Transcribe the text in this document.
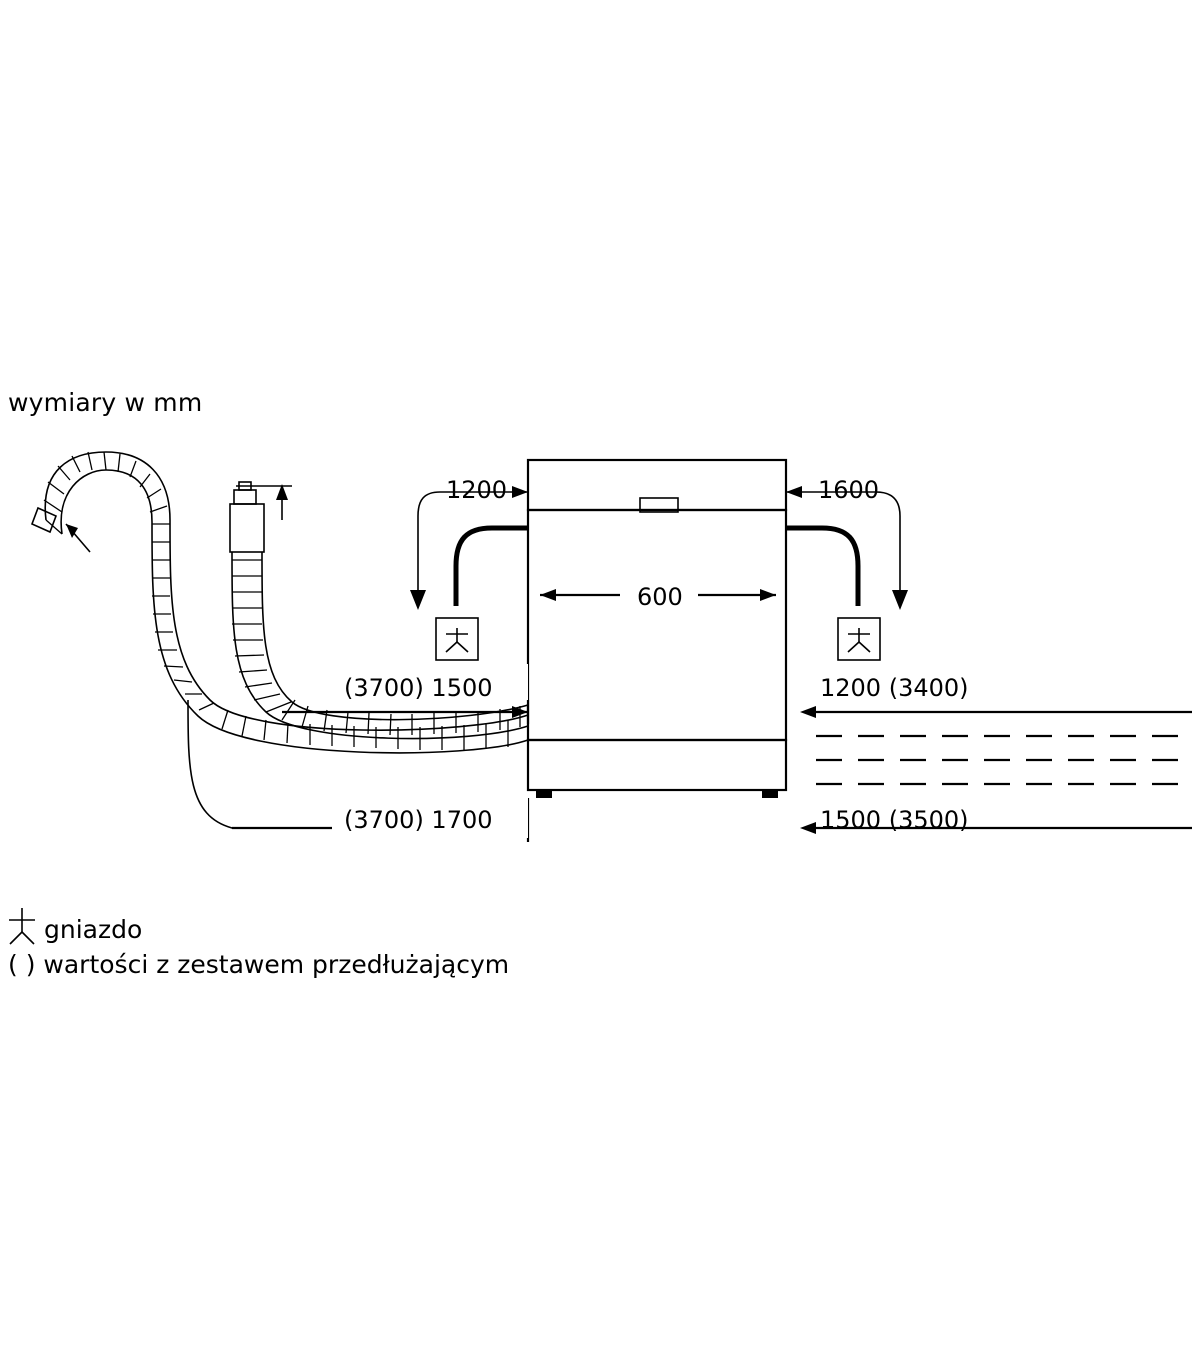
wymiary w mm
1200	1600
600
(3700) 1500	1200 (3400)
(3700) 1700	1500 (3500)
gniazdo
( ) wartości z zestawem przedłużającym
